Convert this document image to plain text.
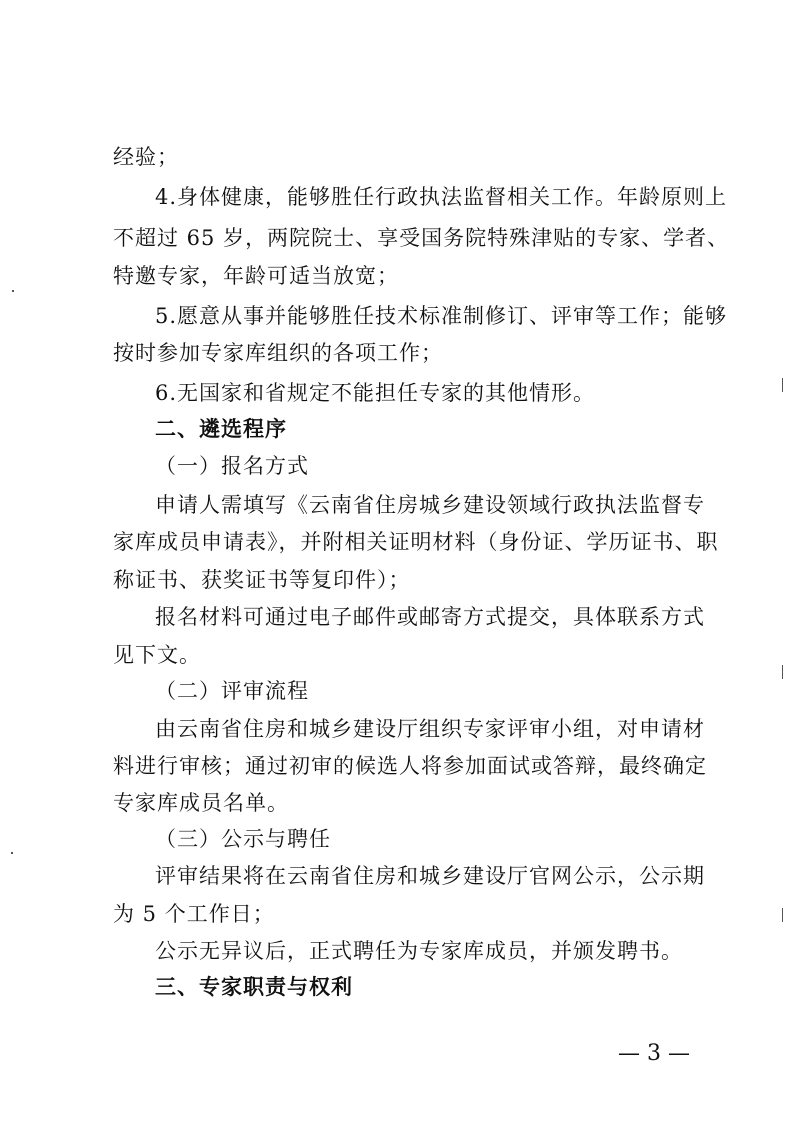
经验；
4.身体健康，能够胜任行政执法监督相关工作。年龄原则上
不超过 65 岁，两院院士、享受国务院特殊津贴的专家、学者、
特邀专家，年龄可适当放宽；
5.愿意从事并能够胜任技术标准制修订、评审等工作；能够
按时参加专家库组织的各项工作；
6.无国家和省规定不能担任专家的其他情形。
二、遴选程序
（一）报名方式
申请人需填写《云南省住房城乡建设领域行政执法监督专
家库成员申请表》，并附相关证明材料（身份证、学历证书、职
称证书、获奖证书等复印件）；
报名材料可通过电子邮件或邮寄方式提交，具体联系方式
见下文。
（二）评审流程
由云南省住房和城乡建设厅组织专家评审小组，对申请材
料进行审核；通过初审的候选人将参加面试或答辩，最终确定
专家库成员名单。
（三）公示与聘任
评审结果将在云南省住房和城乡建设厅官网公示，公示期
为 5 个工作日；
公示无异议后，正式聘任为专家库成员，并颁发聘书。
三、专家职责与权利
— 3 —
